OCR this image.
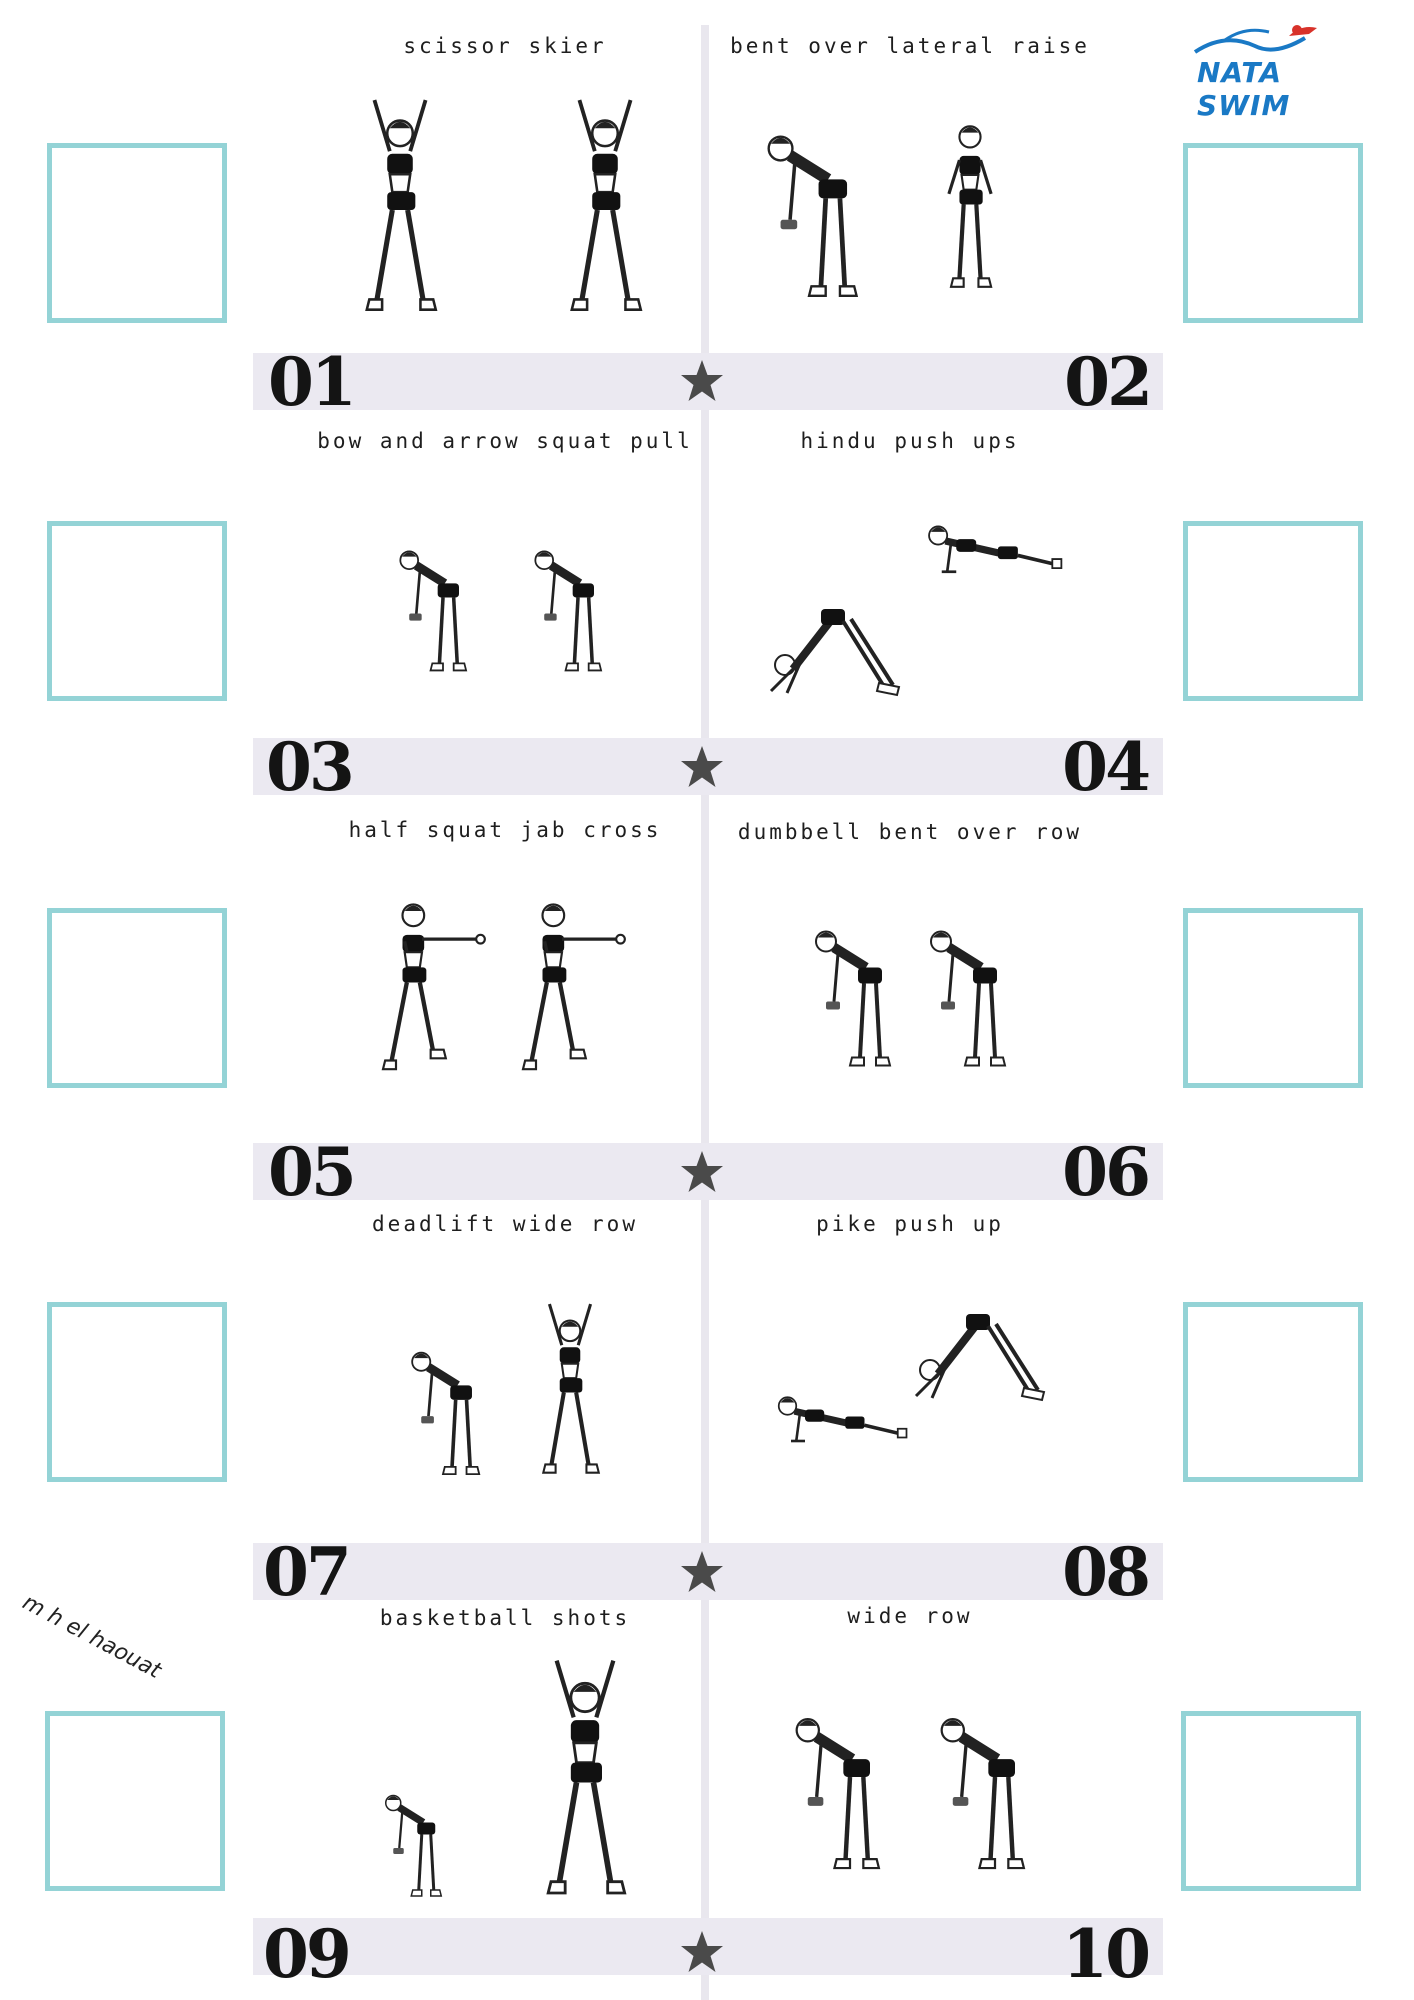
NATA SWIM
scissor skier	bent over lateral raise
01	02
bow and arrow squat pull	hindu push ups
03	04
half squat jab cross	dumbbell bent over row
05	06
deadlift wide row	pike push up
07	08
basketball shots	wide row
09	10
m h el haouat
